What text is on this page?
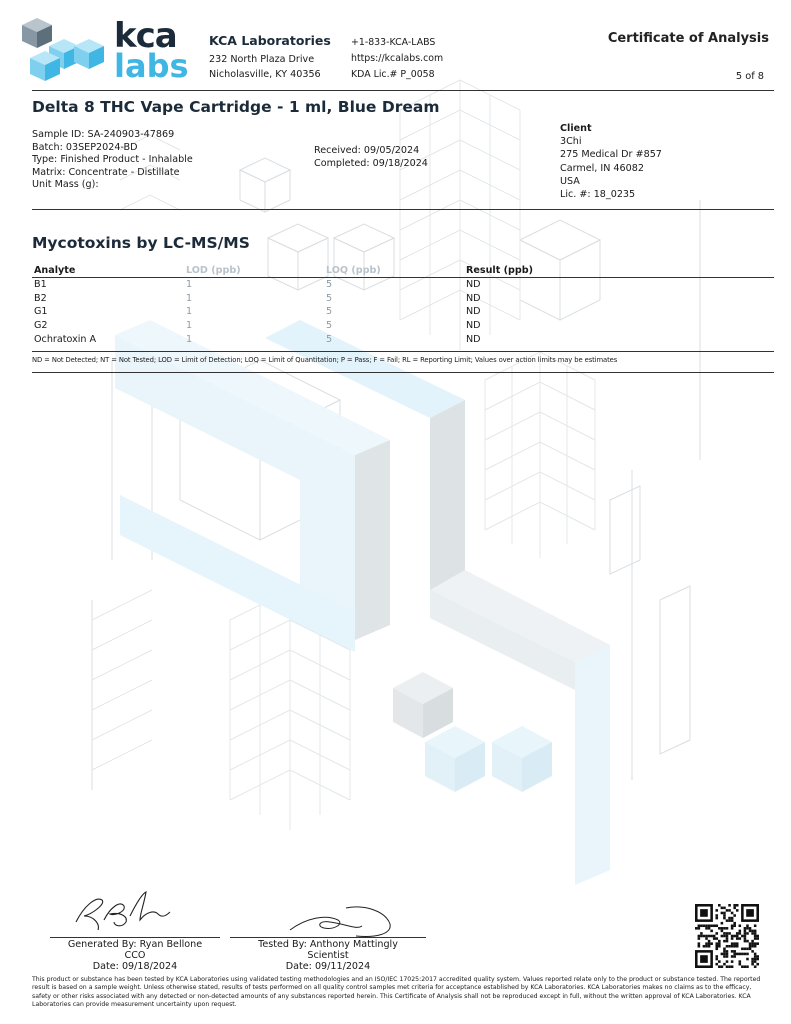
kca
labs
KCA Laboratories
232 North Plaza Drive
Nicholasville, KY 40356
+1-833-KCA-LABS
https://kcalabs.com
KDA Lic.# P_0058
Certificate of Analysis
5 of 8
Delta 8 THC Vape Cartridge - 1 ml, Blue Dream
Sample ID: SA-240903-47869
Batch: 03SEP2024-BD
Type: Finished Product - Inhalable
Matrix: Concentrate - Distillate
Unit Mass (g):
Received: 09/05/2024
Completed: 09/18/2024
Client
3Chi
275 Medical Dr #857
Carmel, IN 46082
USA
Lic. #: 18_0235
Mycotoxins by LC-MS/MS
Analyte	LOD (ppb)	LOQ (ppb)	Result (ppb)
B1	1	5	ND
B2	1	5	ND
G1	1	5	ND
G2	1	5	ND
Ochratoxin A	1	5	ND
ND = Not Detected; NT = Not Tested; LOD = Limit of Detection; LOQ = Limit of Quantitation; P = Pass; F = Fail; RL = Reporting Limit; Values over action limits may be estimates
Generated By: Ryan Bellone
CCO
Date: 09/18/2024
Tested By: Anthony Mattingly
Scientist
Date: 09/11/2024
This product or substance has been tested by KCA Laboratories using validated testing methodologies and an ISO/IEC 17025:2017 accredited quality system. Values reported relate only to the product or substance tested. The reported result is based on a sample weight. Unless otherwise stated, results of tests performed on all quality control samples met criteria for acceptance established by KCA Laboratories. KCA Laboratories makes no claims as to the efficacy, safety or other risks associated with any detected or non-detected amounts of any substances reported herein. This Certificate of Analysis shall not be reproduced except in full, without the written approval of KCA Laboratories. KCA Laboratories can provide measurement uncertainty upon request.
